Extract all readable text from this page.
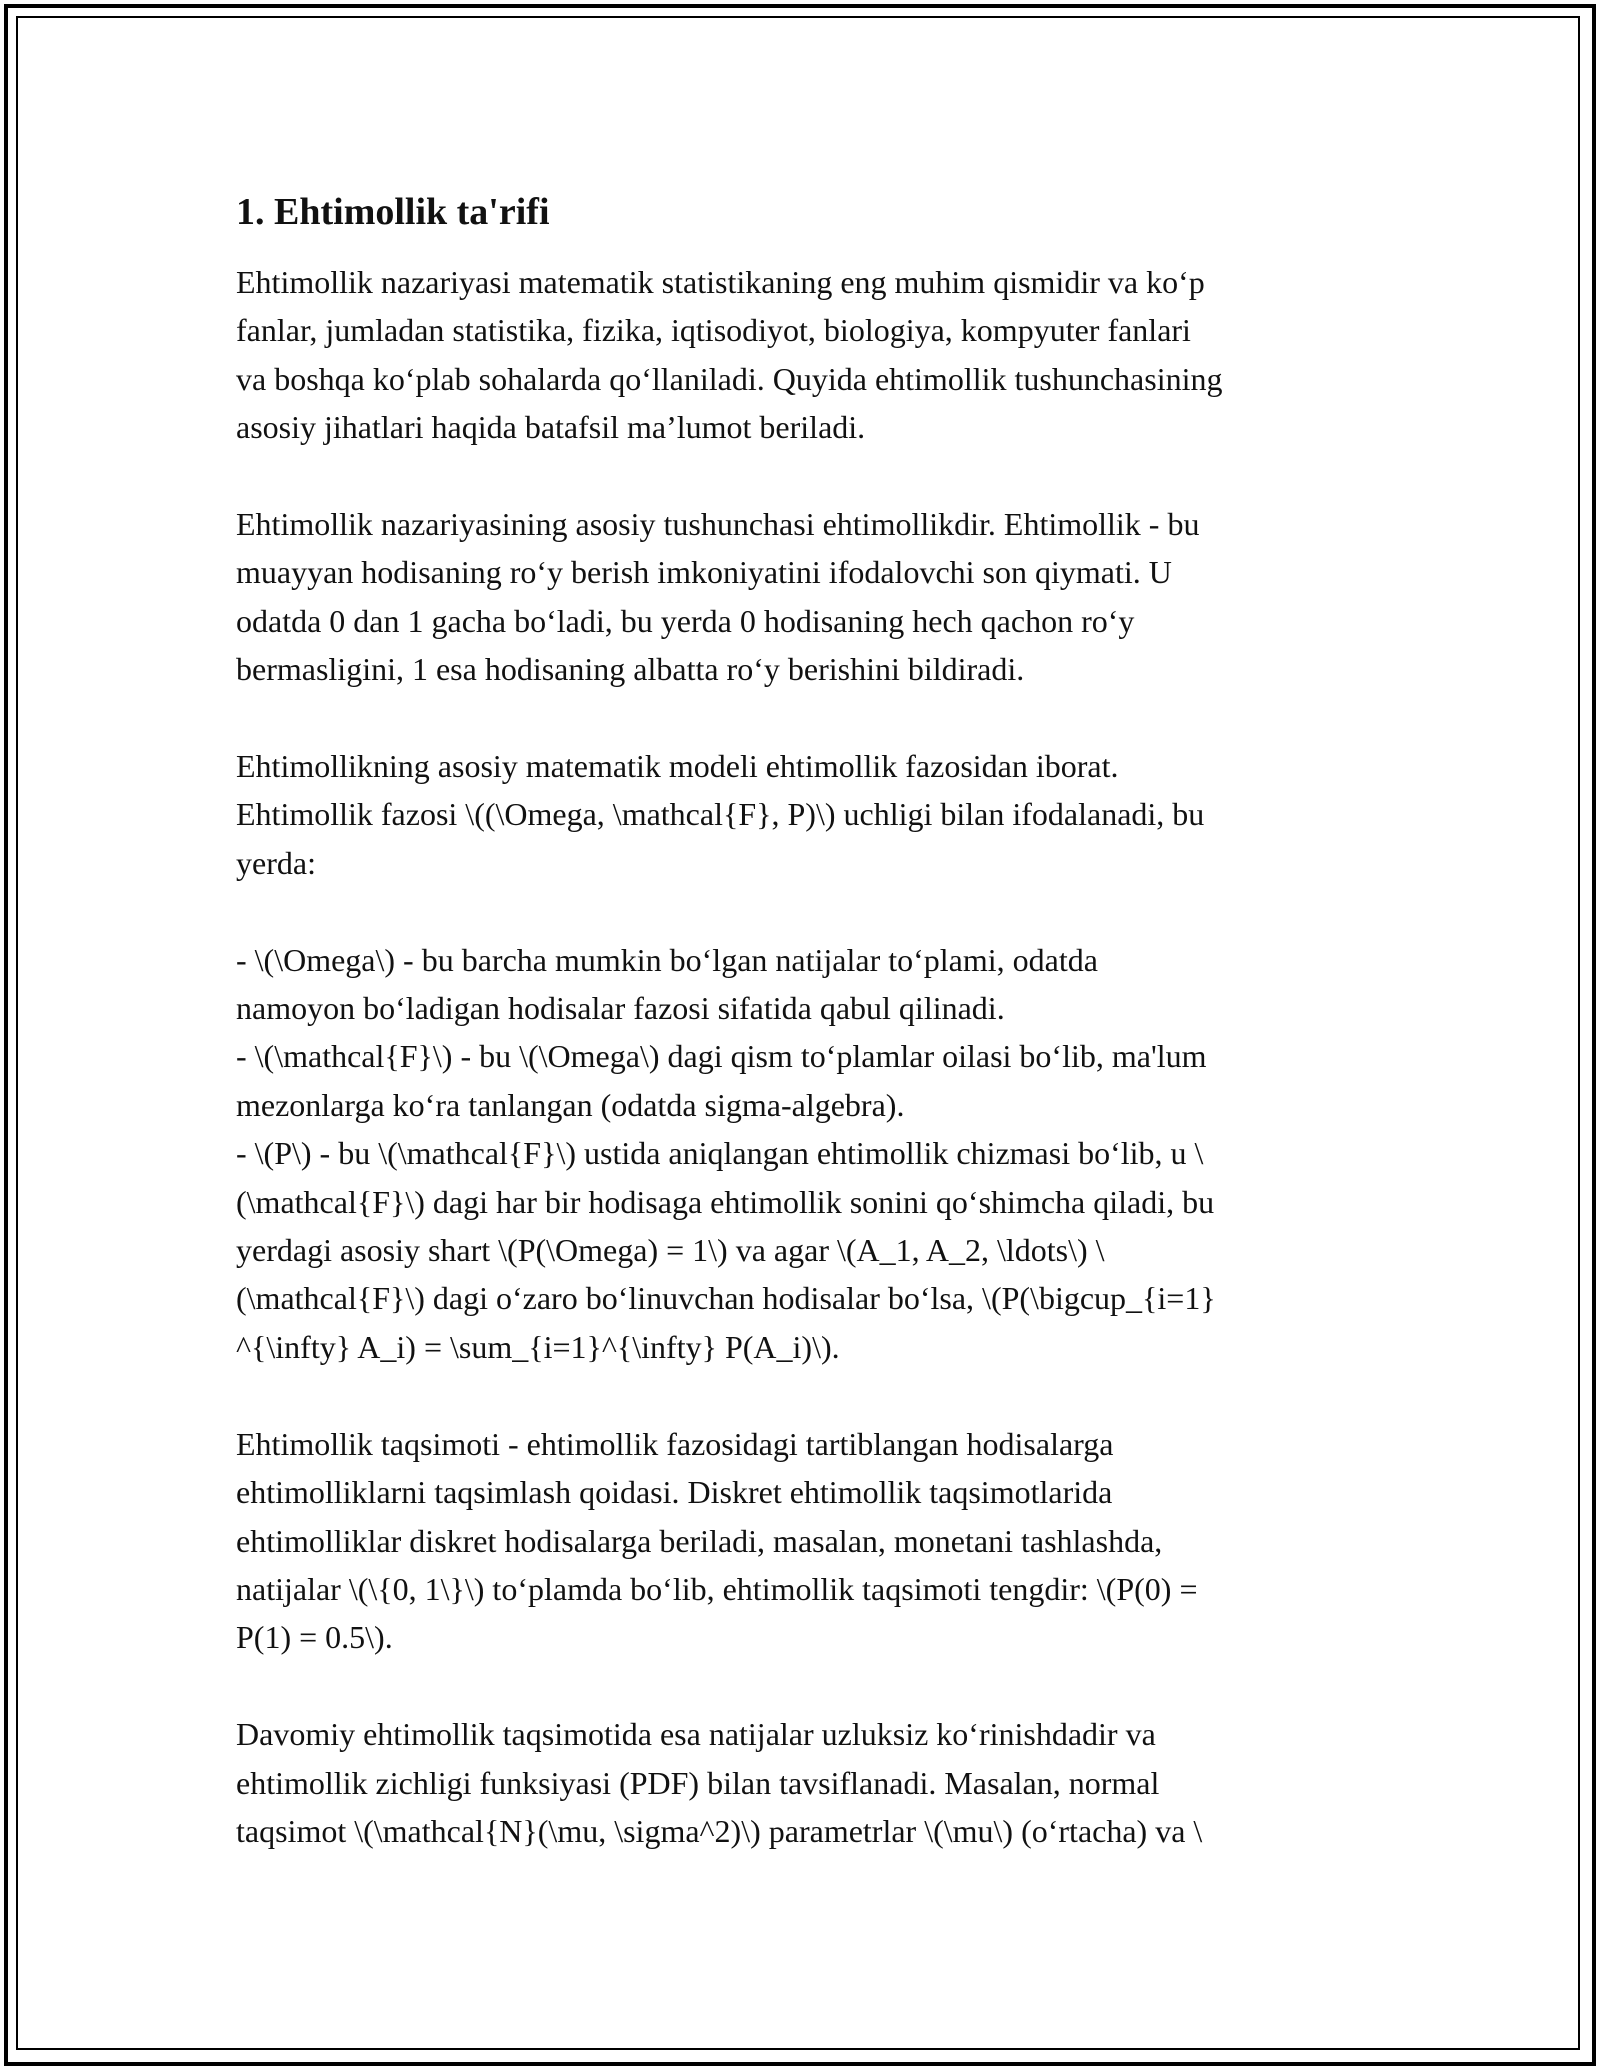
1. Ehtimollik ta'rifi
Ehtimollik nazariyasi matematik statistikaning eng muhim qismidir va ko‘p
fanlar, jumladan statistika, fizika, iqtisodiyot, biologiya, kompyuter fanlari
va boshqa ko‘plab sohalarda qo‘llaniladi. Quyida ehtimollik tushunchasining
asosiy jihatlari haqida batafsil ma’lumot beriladi.
Ehtimollik nazariyasining asosiy tushunchasi ehtimollikdir. Ehtimollik - bu
muayyan hodisaning ro‘y berish imkoniyatini ifodalovchi son qiymati. U
odatda 0 dan 1 gacha bo‘ladi, bu yerda 0 hodisaning hech qachon ro‘y
bermasligini, 1 esa hodisaning albatta ro‘y berishini bildiradi.
Ehtimollikning asosiy matematik modeli ehtimollik fazosidan iborat.
Ehtimollik fazosi \((\Omega, \mathcal{F}, P)\) uchligi bilan ifodalanadi, bu
yerda:
- \(\Omega\) - bu barcha mumkin bo‘lgan natijalar to‘plami, odatda
namoyon bo‘ladigan hodisalar fazosi sifatida qabul qilinadi.
- \(\mathcal{F}\) - bu \(\Omega\) dagi qism to‘plamlar oilasi bo‘lib, ma'lum
mezonlarga ko‘ra tanlangan (odatda sigma-algebra).
- \(P\) - bu \(\mathcal{F}\) ustida aniqlangan ehtimollik chizmasi bo‘lib, u \
(\mathcal{F}\) dagi har bir hodisaga ehtimollik sonini qo‘shimcha qiladi, bu
yerdagi asosiy shart \(P(\Omega) = 1\) va agar \(A_1, A_2, \ldots\) \
(\mathcal{F}\) dagi o‘zaro bo‘linuvchan hodisalar bo‘lsa, \(P(\bigcup_{i=1}
^{\infty} A_i) = \sum_{i=1}^{\infty} P(A_i)\).
Ehtimollik taqsimoti - ehtimollik fazosidagi tartiblangan hodisalarga
ehtimolliklarni taqsimlash qoidasi. Diskret ehtimollik taqsimotlarida
ehtimolliklar diskret hodisalarga beriladi, masalan, monetani tashlashda,
natijalar \(\{0, 1\}\) to‘plamda bo‘lib, ehtimollik taqsimoti tengdir: \(P(0) =
P(1) = 0.5\).
Davomiy ehtimollik taqsimotida esa natijalar uzluksiz ko‘rinishdadir va
ehtimollik zichligi funksiyasi (PDF) bilan tavsiflanadi. Masalan, normal
taqsimot \(\mathcal{N}(\mu, \sigma^2)\) parametrlar \(\mu\) (o‘rtacha) va \
